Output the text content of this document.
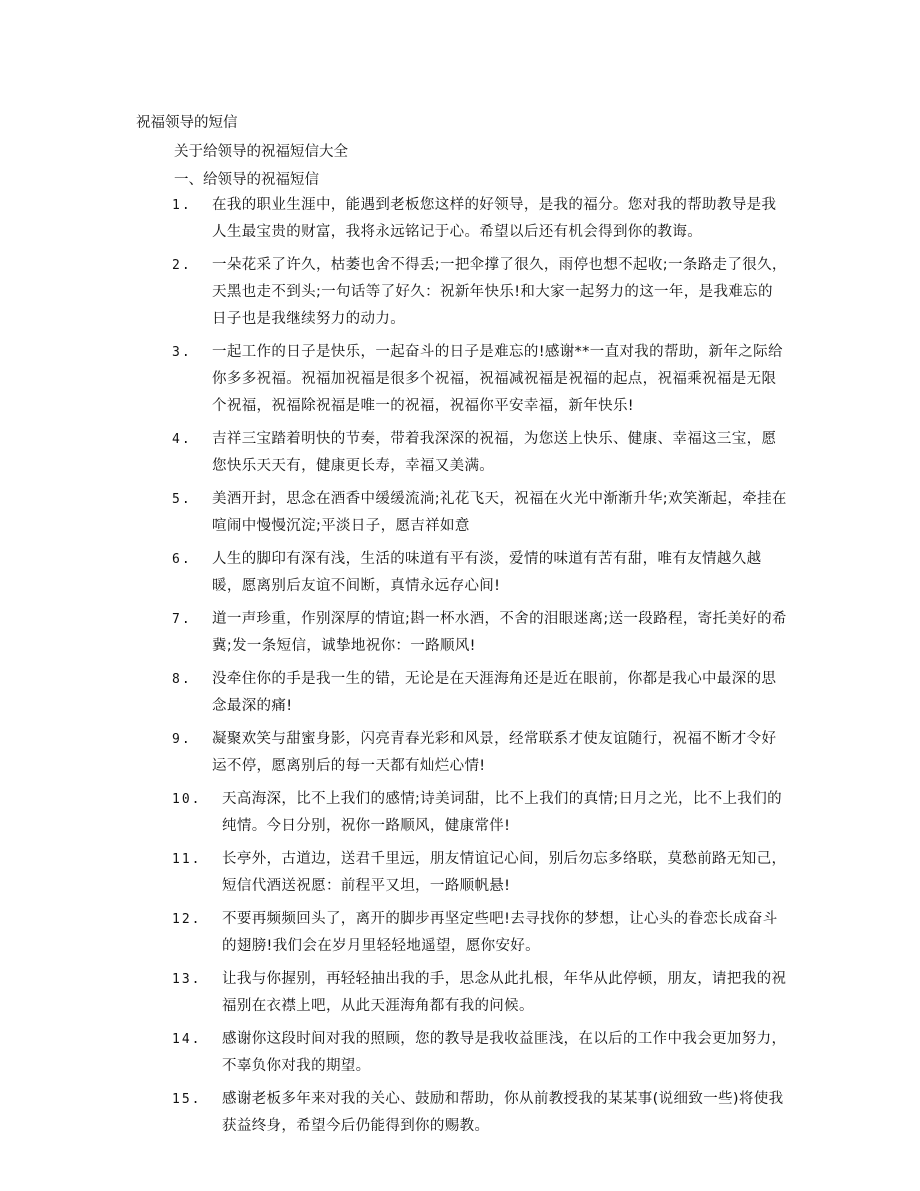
祝福领导的短信
关于给领导的祝福短信大全
一、给领导的祝福短信
1. 在我的职业生涯中，能遇到老板您这样的好领导，是我的福分。您对我的帮助教导是我人生最宝贵的财富，我将永远铭记于心。希望以后还有机会得到你的教诲。
2. 一朵花采了许久，枯萎也舍不得丢;一把伞撑了很久，雨停也想不起收;一条路走了很久，天黑也走不到头;一句话等了好久：祝新年快乐!和大家一起努力的这一年，是我难忘的日子也是我继续努力的动力。
3. 一起工作的日子是快乐，一起奋斗的日子是难忘的!感谢**一直对我的帮助，新年之际给你多多祝福。祝福加祝福是很多个祝福，祝福减祝福是祝福的起点，祝福乘祝福是无限个祝福，祝福除祝福是唯一的祝福，祝福你平安幸福，新年快乐!
4. 吉祥三宝踏着明快的节奏，带着我深深的祝福，为您送上快乐、健康、幸福这三宝，愿您快乐天天有，健康更长寿，幸福又美满。
5. 美酒开封，思念在酒香中缓缓流淌;礼花飞天，祝福在火光中渐渐升华;欢笑渐起，牵挂在喧闹中慢慢沉淀;平淡日子，愿吉祥如意
6. 人生的脚印有深有浅，生活的味道有平有淡，爱情的味道有苦有甜，唯有友情越久越暖，愿离别后友谊不间断，真情永远存心间!
7. 道一声珍重，作别深厚的情谊;斟一杯水酒，不舍的泪眼迷离;送一段路程，寄托美好的希冀;发一条短信，诚挚地祝你：一路顺风!
8. 没牵住你的手是我一生的错，无论是在天涯海角还是近在眼前，你都是我心中最深的思念最深的痛!
9. 凝聚欢笑与甜蜜身影，闪亮青春光彩和风景，经常联系才使友谊随行，祝福不断才令好运不停，愿离别后的每一天都有灿烂心情!
10. 天高海深，比不上我们的感情;诗美词甜，比不上我们的真情;日月之光，比不上我们的纯情。今日分别，祝你一路顺风，健康常伴!
11. 长亭外，古道边，送君千里远，朋友情谊记心间，别后勿忘多络联，莫愁前路无知己，短信代酒送祝愿：前程平又坦，一路顺帆悬!
12. 不要再频频回头了，离开的脚步再坚定些吧!去寻找你的梦想，让心头的眷恋长成奋斗的翅膀!我们会在岁月里轻轻地遥望，愿你安好。
13. 让我与你握别，再轻轻抽出我的手，思念从此扎根，年华从此停顿，朋友，请把我的祝福别在衣襟上吧，从此天涯海角都有我的问候。
14. 感谢你这段时间对我的照顾，您的教导是我收益匪浅，在以后的工作中我会更加努力，不辜负你对我的期望。
15. 感谢老板多年来对我的关心、鼓励和帮助，你从前教授我的某某事(说细致一些)将使我获益终身，希望今后仍能得到你的赐教。
